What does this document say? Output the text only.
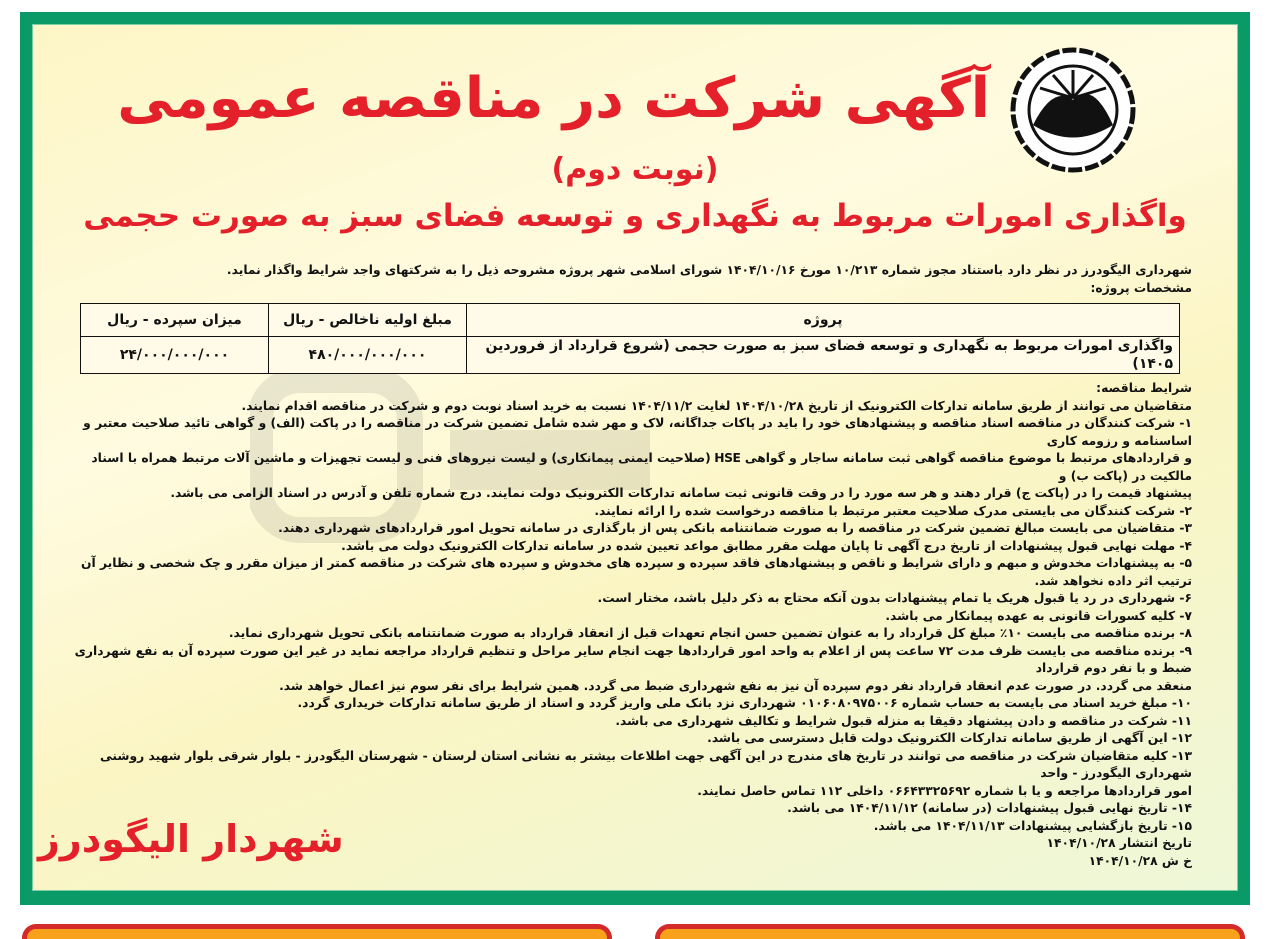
آگهی شرکت در مناقصه عمومی
(نوبت دوم)
واگذاری امورات مربوط به نگهداری و توسعه فضای سبز به صورت حجمی

شهرداری الیگودرز در نظر دارد باستناد مجوز شماره ۱۰/۲۱۳ مورخ ۱۴۰۴/۱۰/۱۶ شورای اسلامی شهر پروژه مشروحه ذیل را به شرکتهای واجد شرایط واگذار نماید.

مشخصات پروژه:

پروژه	مبلغ اولیه ناخالص - ریال	میزان سپرده - ریال
واگذاری امورات مربوط به نگهداری و توسعه فضای سبز به صورت حجمی (شروع قرارداد از فروردین ۱۴۰۵)	۴۸۰/۰۰۰/۰۰۰/۰۰۰	۲۴/۰۰۰/۰۰۰/۰۰۰

شرایط مناقصه:

متقاضیان می توانند از طریق سامانه تدارکات الکترونیک از تاریخ ۱۴۰۴/۱۰/۲۸ لغایت ۱۴۰۴/۱۱/۲ نسبت به خرید اسناد نوبت دوم و شرکت در مناقصه اقدام نمایند.

۱- شرکت کنندگان در مناقصه اسناد مناقصه و پیشنهادهای خود را باید در پاکات جداگانه، لاک و مهر شده شامل تضمین شرکت در مناقصه را در پاکت (الف) و گواهی تائید صلاحیت معتبر و اساسنامه و رزومه کاری

و قراردادهای مرتبط با موضوع مناقصه گواهی ثبت سامانه ساجار و گواهی HSE (صلاحیت ایمنی پیمانکاری) و لیست نیروهای فنی و لیست تجهیزات و ماشین آلات مرتبط همراه با اسناد مالکیت در (پاکت ب) و

پیشنهاد قیمت را در (پاکت ج) قرار دهند و هر سه مورد را در وقت قانونی ثبت سامانه تدارکات الکترونیک دولت نمایند. درج شماره تلفن و آدرس در اسناد الزامی می باشد.

۲- شرکت کنندگان می بایستی مدرک صلاحیت معتبر مرتبط با مناقصه درخواست شده را ارائه نمایند.

۳- متقاضیان می بایست مبالغ تضمین شرکت در مناقصه را به صورت ضمانتنامه بانکی پس از بارگذاری در سامانه تحویل امور قراردادهای شهرداری دهند.

۴- مهلت نهایی قبول پیشنهادات از تاریخ درج آگهی تا پایان مهلت مقرر مطابق مواعد تعیین شده در سامانه تدارکات الکترونیک دولت می باشد.

۵- به پیشنهادات مخدوش و مبهم و دارای شرایط و ناقص و پیشنهادهای فاقد سپرده و سپرده های مخدوش و سپرده های شرکت در مناقصه کمتر از میزان مقرر و چک شخصی و نظایر آن ترتیب اثر داده نخواهد شد.

۶- شهرداری در رد یا قبول هریک یا تمام پیشنهادات بدون آنکه محتاج به ذکر دلیل باشد، مختار است.

۷- کلیه کسورات قانونی به عهده پیمانکار می باشد.

۸- برنده مناقصه می بایست ۱۰٪ مبلغ کل قرارداد را به عنوان تضمین حسن انجام تعهدات قبل از انعقاد قرارداد به صورت ضمانتنامه بانکی تحویل شهرداری نماید.

۹- برنده مناقصه می بایست ظرف مدت ۷۲ ساعت پس از اعلام به واحد امور قراردادها جهت انجام سایر مراحل و تنظیم قرارداد مراجعه نماید در غیر این صورت سپرده آن به نفع شهرداری ضبط و با نفر دوم قرارداد

منعقد می گردد. در صورت عدم انعقاد قرارداد نفر دوم سپرده آن نیز به نفع شهرداری ضبط می گردد. همین شرایط برای نفر سوم نیز اعمال خواهد شد.

۱۰- مبلغ خرید اسناد می بایست به حساب شماره ۰۱۰۶۰۸۰۹۷۵۰۰۶ شهرداری نزد بانک ملی واریز گردد و اسناد از طریق سامانه تدارکات خریداری گردد.

۱۱- شرکت در مناقصه و دادن پیشنهاد دقیقا به منزله قبول شرایط و تکالیف شهرداری می باشد.

۱۲- این آگهی از طریق سامانه تدارکات الکترونیک دولت قابل دسترسی می باشد.

۱۳- کلیه متقاضیان شرکت در مناقصه می توانند در تاریخ های مندرج در این آگهی جهت اطلاعات بیشتر به نشانی استان لرستان - شهرستان الیگودرز - بلوار شرقی بلوار شهید روشنی شهرداری الیگودرز - واحد

امور قراردادها مراجعه و یا با شماره ۰۶۶۴۳۳۲۵۶۹۲ داخلی ۱۱۲ تماس حاصل نمایند.

شهردار الیگودرز

۱۴- تاریخ نهایی قبول پیشنهادات (در سامانه) ۱۴۰۴/۱۱/۱۲ می باشد.

۱۵- تاریخ بازگشایی پیشنهادات ۱۴۰۴/۱۱/۱۳ می باشد.

تاریخ انتشار ۱۴۰۴/۱۰/۲۸

خ ش ۱۴۰۴/۱۰/۲۸
